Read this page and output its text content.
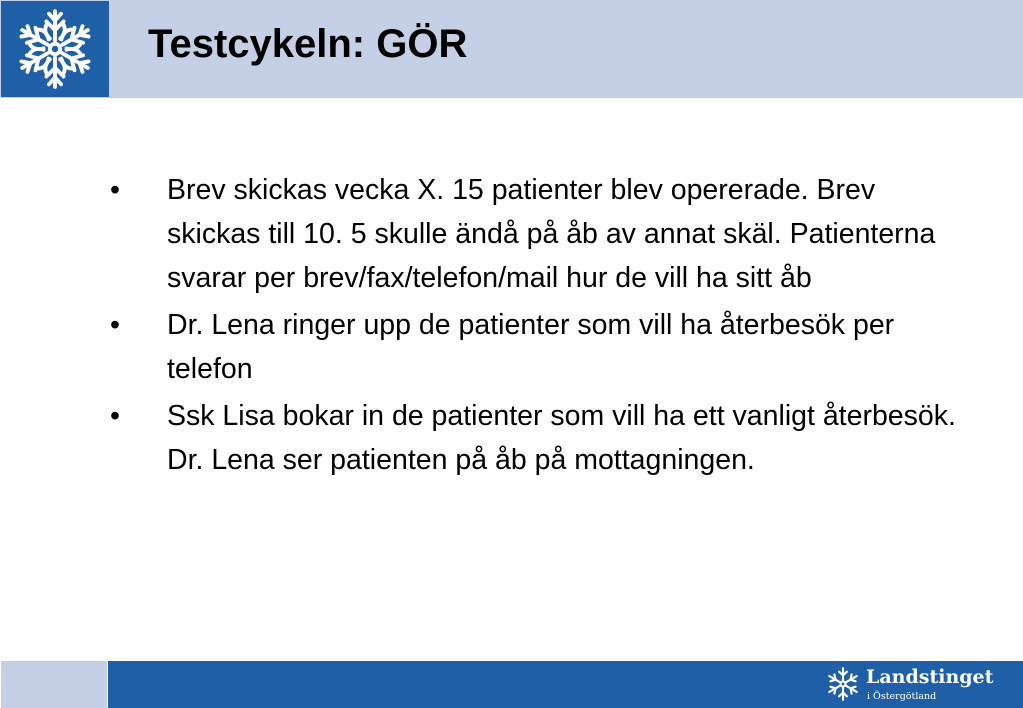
Testcykeln: GÖR
•	Brev skickas vecka X. 15 patienter blev opererade. Brev skickas till 10. 5 skulle ändå på åb av annat skäl. Patienterna svarar per brev/fax/telefon/mail hur de vill ha sitt åb
•	Dr. Lena ringer upp de patienter som vill ha återbesök per telefon
•	Ssk Lisa bokar in de patienter som vill ha ett vanligt återbesök. Dr. Lena ser patienten på åb på mottagningen.
Landstinget
i Östergötland
